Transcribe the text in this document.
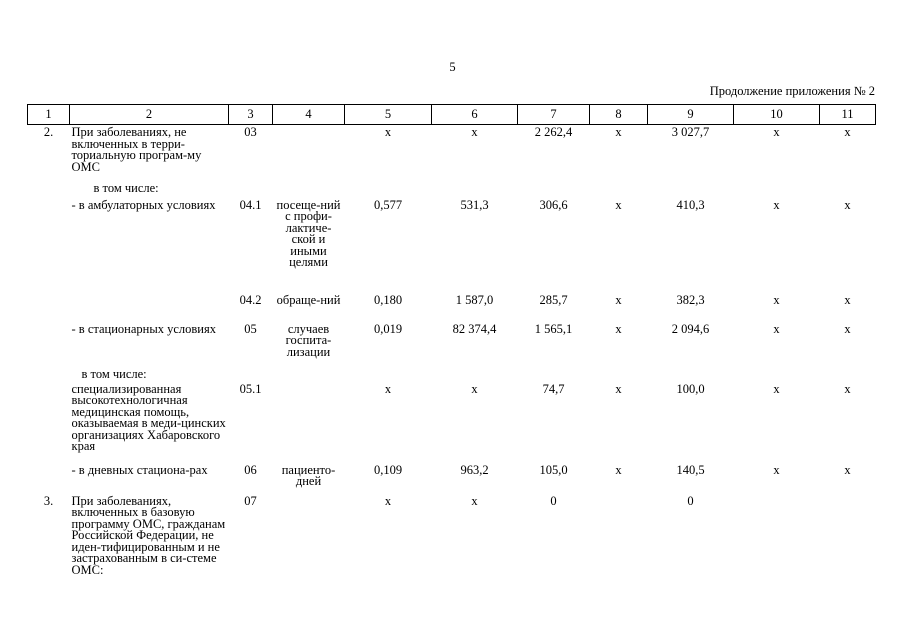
5
Продолжение приложения № 2
1	2	3	4	5	6	7	8	9	10	11
2.	При заболеваниях, не включенных в терри-ториальную програм-му ОМС	03		х	х	2 262,4	х	3 027,7	х	х
	в том числе:									
	- в амбулаторных условиях	04.1	посеще-ний с профи-лактиче-ской и иными целями	0,577	531,3	306,6	х	410,3	х	х
		04.2	обраще-ний	0,180	1 587,0	285,7	х	382,3	х	х
	- в стационарных условиях	05	случаев госпита-лизации	0,019	82 374,4	1 565,1	х	2 094,6	х	х
	в том числе:									
	специализированная высокотехнологичная медицинская помощь, оказываемая в меди-цинских организациях Хабаровского края	05.1		х	х	74,7	х	100,0	х	х
	- в дневных стациона-рах	06	пациенто-дней	0,109	963,2	105,0	х	140,5	х	х
3.	При заболеваниях, включенных в базовую программу ОМС, гражданам Российской Федерации, не иден-тифицированным и не застрахованным в си-стеме ОМС:	07		х	х	0		0		
